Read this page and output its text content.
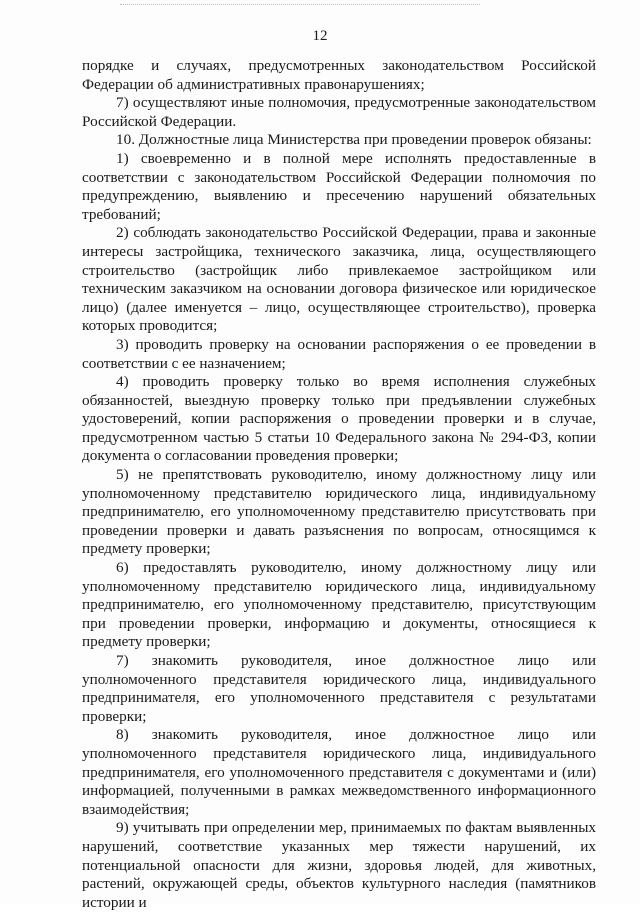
12

порядке и случаях, предусмотренных законодательством Российской Федерации об административных правонарушениях;

7) осуществляют иные полномочия, предусмотренные законодательством Российской Федерации.

10. Должностные лица Министерства при проведении проверок обязаны:

1) своевременно и в полной мере исполнять предоставленные в соответствии с законодательством Российской Федерации полномочия по предупреждению, выявлению и пресечению нарушений обязательных требований;

2) соблюдать законодательство Российской Федерации, права и законные интересы застройщика, технического заказчика, лица, осуществляющего строительство (застройщик либо привлекаемое застройщиком или техническим заказчиком на основании договора физическое или юридическое лицо) (далее именуется – лицо, осуществляющее строительство), проверка которых проводится;

3) проводить проверку на основании распоряжения о ее проведении в соответствии с ее назначением;

4) проводить проверку только во время исполнения служебных обязанностей, выездную проверку только при предъявлении служебных удостоверений, копии распоряжения о проведении проверки и в случае, предусмотренном частью 5 статьи 10 Федерального закона № 294-ФЗ, копии документа о согласовании проведения проверки;

5) не препятствовать руководителю, иному должностному лицу или уполномоченному представителю юридического лица, индивидуальному предпринимателю, его уполномоченному представителю присутствовать при проведении проверки и давать разъяснения по вопросам, относящимся к предмету проверки;

6) предоставлять руководителю, иному должностному лицу или уполномоченному представителю юридического лица, индивидуальному предпринимателю, его уполномоченному представителю, присутствующим при проведении проверки, информацию и документы, относящиеся к предмету проверки;

7) знакомить руководителя, иное должностное лицо или уполномоченного представителя юридического лица, индивидуального предпринимателя, его уполномоченного представителя с результатами проверки;

8) знакомить руководителя, иное должностное лицо или уполномоченного представителя юридического лица, индивидуального предпринимателя, его уполномоченного представителя с документами и (или) информацией, полученными в рамках межведомственного информационного взаимодействия;

9) учитывать при определении мер, принимаемых по фактам выявленных нарушений, соответствие указанных мер тяжести нарушений, их потенциальной опасности для жизни, здоровья людей, для животных, растений, окружающей среды, объектов культурного наследия (памятников истории и
